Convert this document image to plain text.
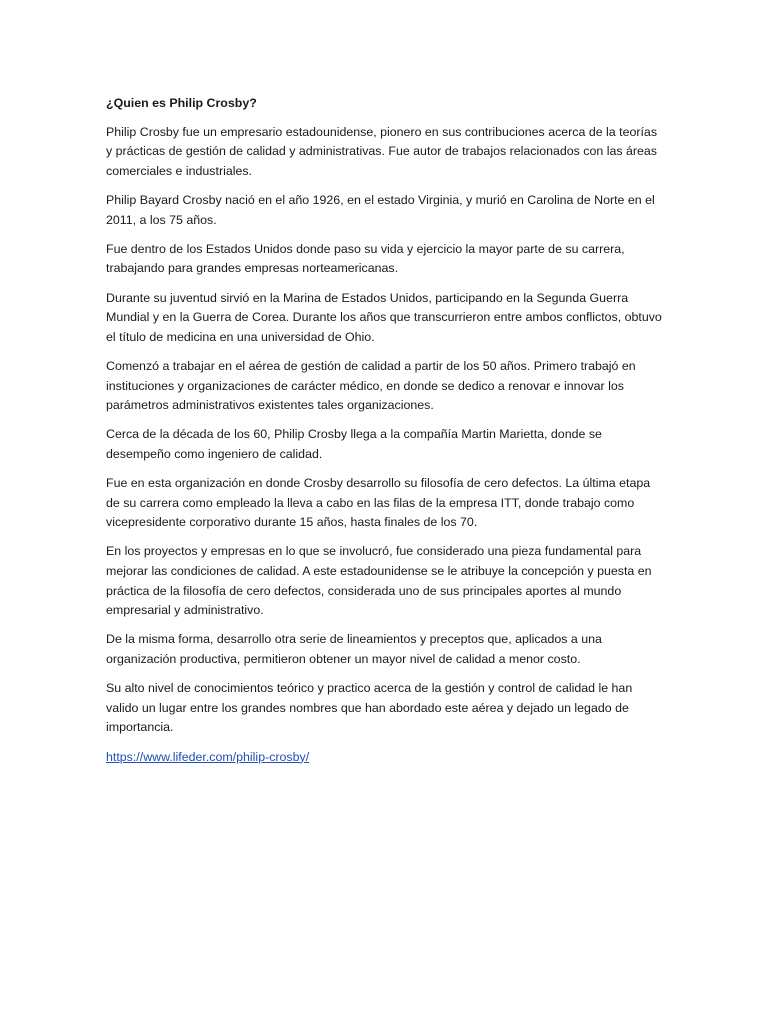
¿Quien es Philip Crosby?

Philip Crosby fue un empresario estadounidense, pionero en sus contribuciones acerca de la teorías y prácticas de gestión de calidad y administrativas. Fue autor de trabajos relacionados con las áreas comerciales e industriales.

Philip Bayard Crosby nació en el año 1926, en el estado Virginia, y murió en Carolina de Norte en el 2011, a los 75 años.

Fue dentro de los Estados Unidos donde paso su vida y ejercicio la mayor parte de su carrera, trabajando para grandes empresas norteamericanas.

Durante su juventud sirvió en la Marina de Estados Unidos, participando en la Segunda Guerra Mundial y en la Guerra de Corea. Durante los años que transcurrieron entre ambos conflictos, obtuvo el título de medicina en una universidad de Ohio.

Comenzó a trabajar en el aérea de gestión de calidad a partir de los 50 años. Primero trabajó en instituciones y organizaciones de carácter médico, en donde se dedico a renovar e innovar los parámetros administrativos existentes tales organizaciones.

Cerca de la década de los 60, Philip Crosby llega a la compañía Martin Marietta, donde se desempeño como ingeniero de calidad.

Fue en esta organización en donde Crosby desarrollo su filosofía de cero defectos. La última etapa de su carrera como empleado la lleva a cabo en las filas de la empresa ITT, donde trabajo como vicepresidente corporativo durante 15 años, hasta finales de los 70.

En los proyectos y empresas en lo que se involucró, fue considerado una pieza fundamental para mejorar las condiciones de calidad. A este estadounidense se le atribuye la concepción y puesta en práctica de la filosofía de cero defectos, considerada uno de sus principales aportes al mundo empresarial y administrativo.

De la misma forma, desarrollo otra serie de lineamientos y preceptos que, aplicados a una organización productiva, permitieron obtener un mayor nivel de calidad a menor costo.

Su alto nivel de conocimientos teórico y practico acerca de la gestión y control de calidad le han valido un lugar entre los grandes nombres que han abordado este aérea y dejado un legado de importancia.

https://www.lifeder.com/philip-crosby/
